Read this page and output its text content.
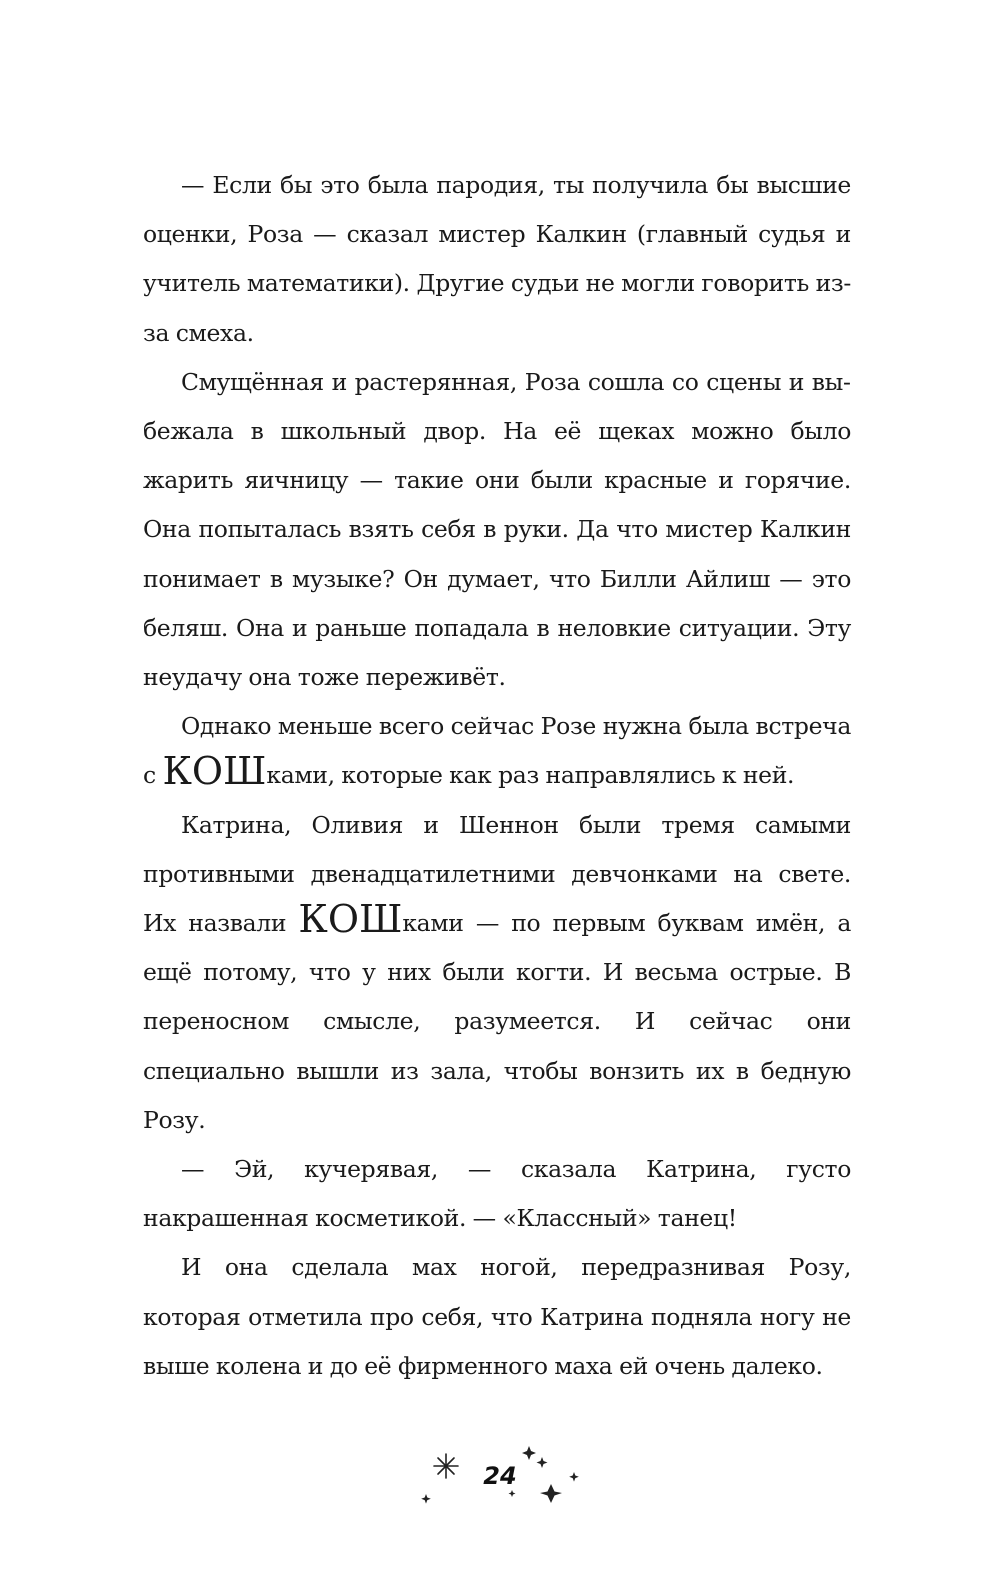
— Если бы это была пародия, ты получила бы высшие оценки, Роза — сказал мистер Калкин (главный судья и учитель математики). Другие судьи не могли говорить из-за смеха.

Смущённая и растерянная, Роза сошла со сцены и выбежала в школьный двор. На её щеках можно было жарить яичницу — такие они были красные и горячие. Она попыталась взять себя в руки. Да что мистер Калкин понимает в музыке? Он думает, что Билли Айлиш — это беляш. Она и раньше попадала в неловкие ситуации. Эту неудачу она тоже переживёт.

Однако меньше всего сейчас Розе нужна была встреча с КОШками, которые как раз направлялись к ней.

Катрина, Оливия и Шеннон были тремя самыми противными двенадцатилетними девчонками на свете. Их назвали КОШками — по первым буквам имён, а ещё потому, что у них были когти. И весьма острые. В переносном смысле, разумеется. И сейчас они специально вышли из зала, чтобы вонзить их в бедную Розу.

— Эй, кучерявая, — сказала Катрина, густо накрашенная косметикой. — «Классный» танец!

И она сделала мах ногой, передразнивая Розу, которая отметила про себя, что Катрина подняла ногу не выше колена и до её фирменного маха ей очень далеко.

24
